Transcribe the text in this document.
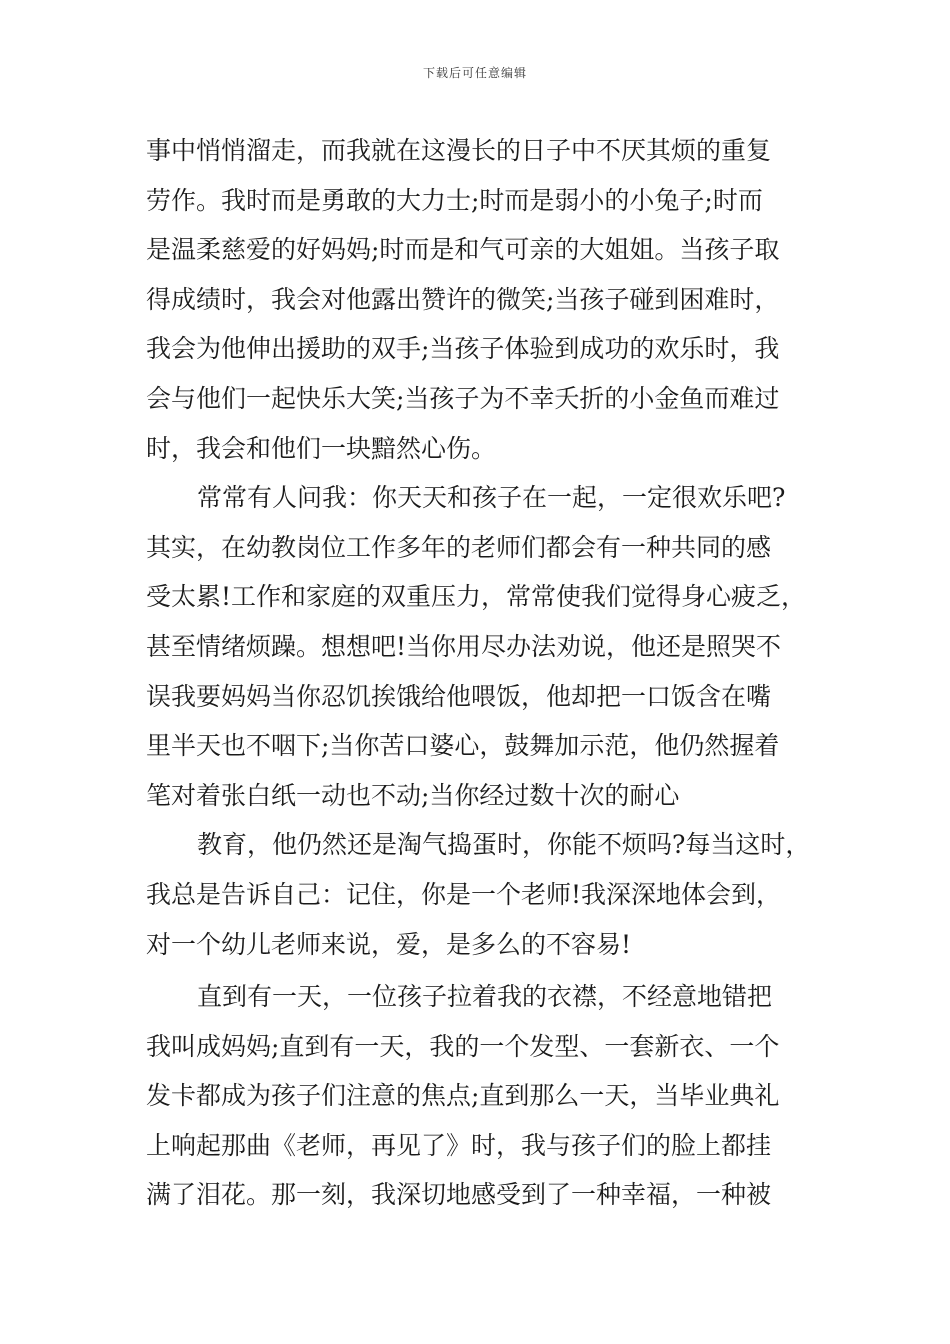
下载后可任意编辑
事中悄悄溜走，而我就在这漫长的日子中不厌其烦的重复
劳作。我时而是勇敢的大力士;时而是弱小的小兔子;时而
是温柔慈爱的好妈妈;时而是和气可亲的大姐姐。当孩子取
得成绩时，我会对他露出赞许的微笑;当孩子碰到困难时，
我会为他伸出援助的双手;当孩子体验到成功的欢乐时，我
会与他们一起快乐大笑;当孩子为不幸夭折的小金鱼而难过
时，我会和他们一块黯然心伤。
常常有人问我：你天天和孩子在一起，一定很欢乐吧?
其实，在幼教岗位工作多年的老师们都会有一种共同的感
受太累!工作和家庭的双重压力，常常使我们觉得身心疲乏，
甚至情绪烦躁。想想吧!当你用尽办法劝说，他还是照哭不
误我要妈妈当你忍饥挨饿给他喂饭，他却把一口饭含在嘴
里半天也不咽下;当你苦口婆心，鼓舞加示范，他仍然握着
笔对着张白纸一动也不动;当你经过数十次的耐心
教育，他仍然还是淘气捣蛋时，你能不烦吗?每当这时，
我总是告诉自己：记住，你是一个老师!我深深地体会到，
对一个幼儿老师来说，爱，是多么的不容易!
直到有一天，一位孩子拉着我的衣襟，不经意地错把
我叫成妈妈;直到有一天，我的一个发型、一套新衣、一个
发卡都成为孩子们注意的焦点;直到那么一天，当毕业典礼
上响起那曲《老师，再见了》时，我与孩子们的脸上都挂
满了泪花。那一刻，我深切地感受到了一种幸福，一种被
